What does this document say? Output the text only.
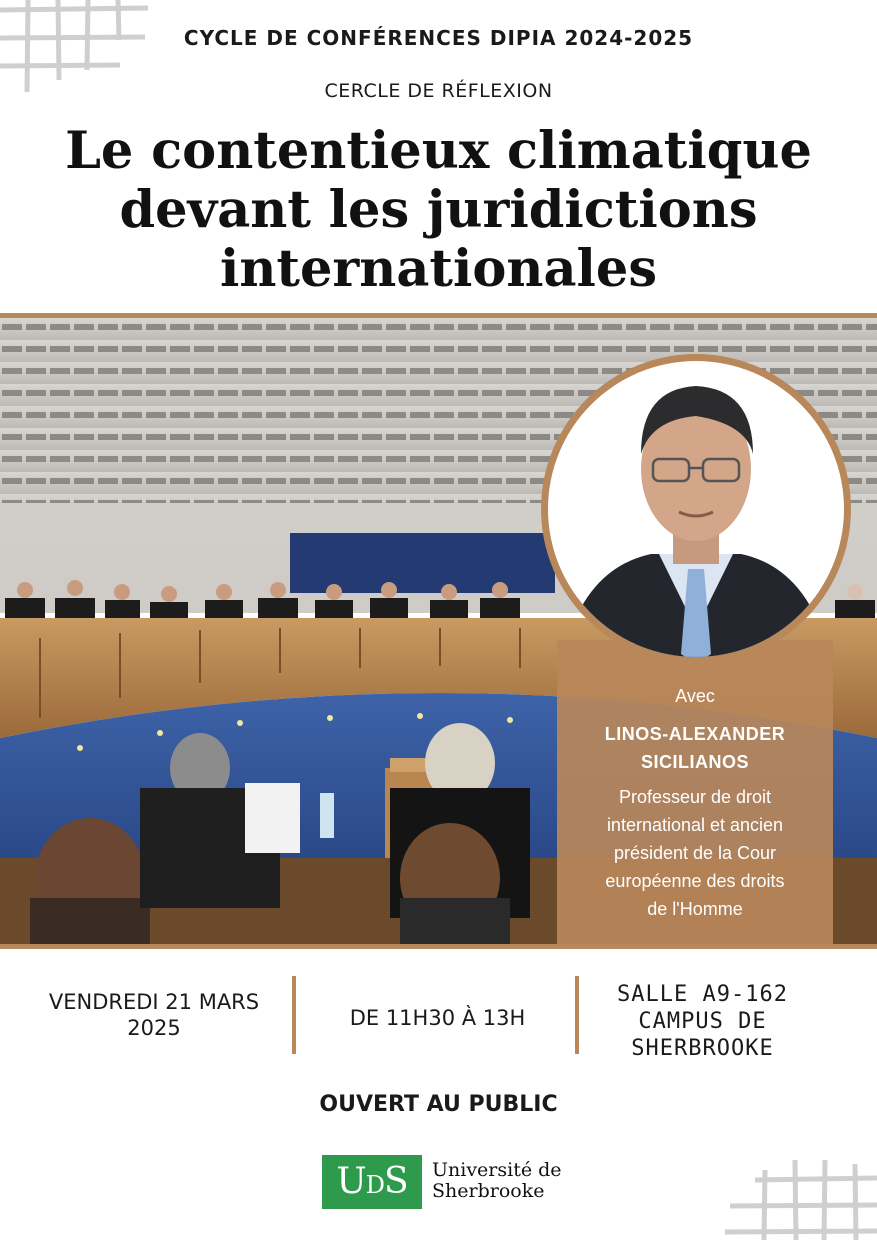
CYCLE DE CONFÉRENCES DIPIA 2024-2025
CERCLE DE RÉFLEXION
Le contentieux climatique
devant les juridictions
internationales
Avec
LINOS-ALEXANDER
SICILIANOS
Professeur de droit
international et ancien
président de la Cour
européenne des droits
de l'Homme
VENDREDI 21 MARS
2025	DE 11H30 À 13H
SALLE A9-162
CAMPUS DE
SHERBROOKE
OUVERT AU PUBLIC
UDS	Université de
Sherbrooke
